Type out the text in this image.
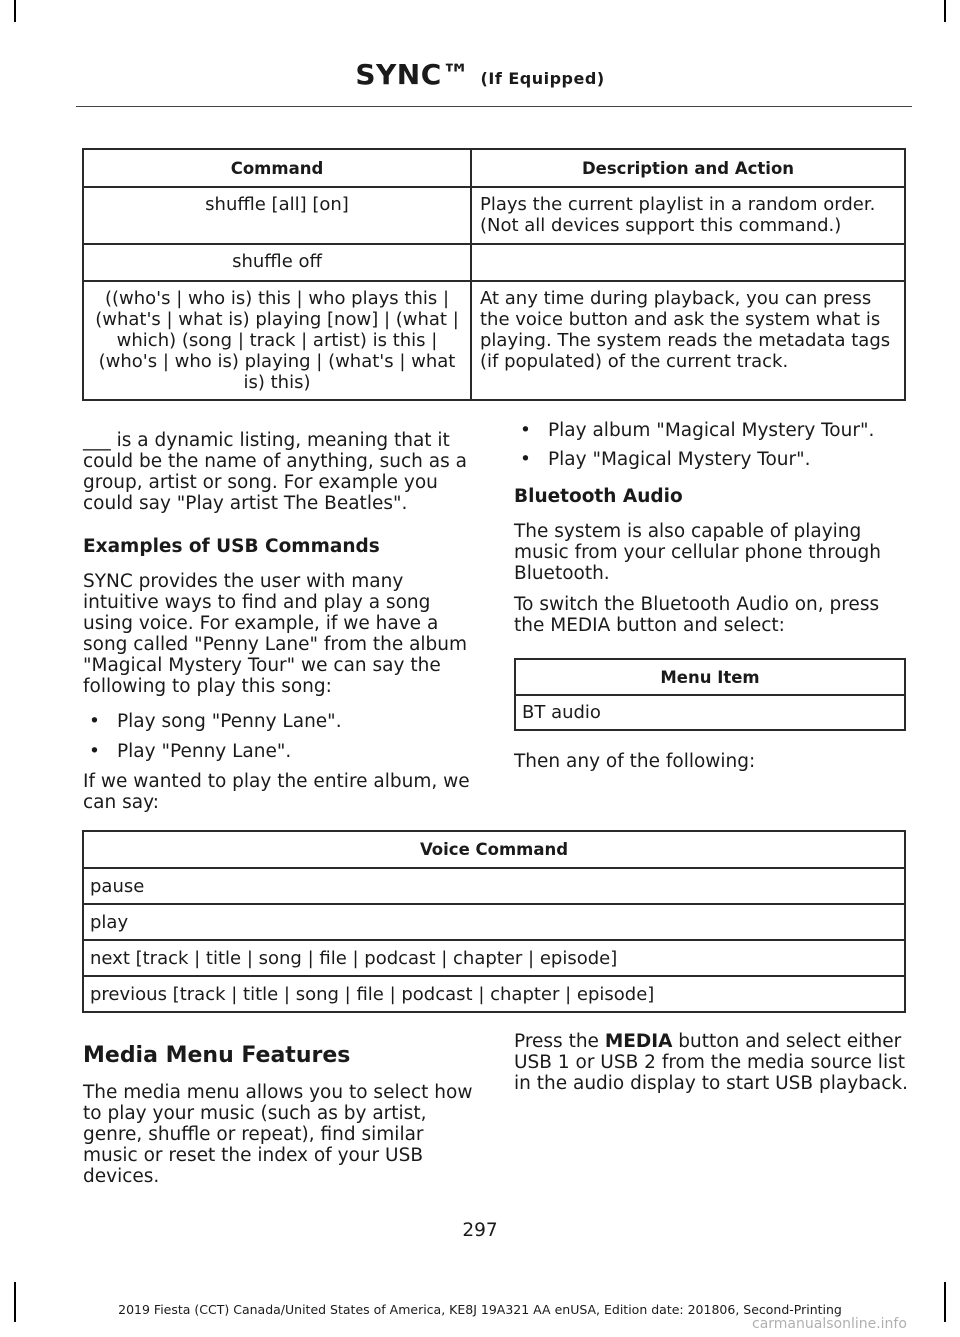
SYNC™ (If Equipped)
Command	Description and Action
shuffle [all] [on]	Plays the current playlist in a random order. (Not all devices support this command.)
shuffle off	
((who's | who is) this | who plays this | (what's | what is) playing [now] | (what | which) (song | track | artist) is this | (who's | who is) playing | (what's | what is) this)	At any time during playback, you can press the voice button and ask the system what is playing. The system reads the metadata tags (if populated) of the current track.

___ is a dynamic listing, meaning that it could be the name of anything, such as a group, artist or song. For example you could say "Play artist The Beatles".

Examples of USB Commands

SYNC provides the user with many intuitive ways to find and play a song using voice. For example, if we have a song called "Penny Lane" from the album "Magical Mystery Tour" we can say the following to play this song:

• Play song "Penny Lane".

• Play "Penny Lane".

If we wanted to play the entire album, we can say:

• Play album "Magical Mystery Tour".

• Play "Magical Mystery Tour".

Bluetooth Audio

The system is also capable of playing music from your cellular phone through Bluetooth.

To switch the Bluetooth Audio on, press the MEDIA button and select:

Menu Item
BT audio

Then any of the following:

Voice Command
pause
play
next [track | title | song | file | podcast | chapter | episode]
previous [track | title | song | file | podcast | chapter | episode]

Media Menu Features

The media menu allows you to select how to play your music (such as by artist, genre, shuffle or repeat), find similar music or reset the index of your USB devices.

Press the MEDIA button and select either USB 1 or USB 2 from the media source list in the audio display to start USB playback.

297
2019 Fiesta (CCT) Canada/United States of America, KE8J 19A321 AA enUSA, Edition date: 201806, Second-Printing
carmanualsonline.info
